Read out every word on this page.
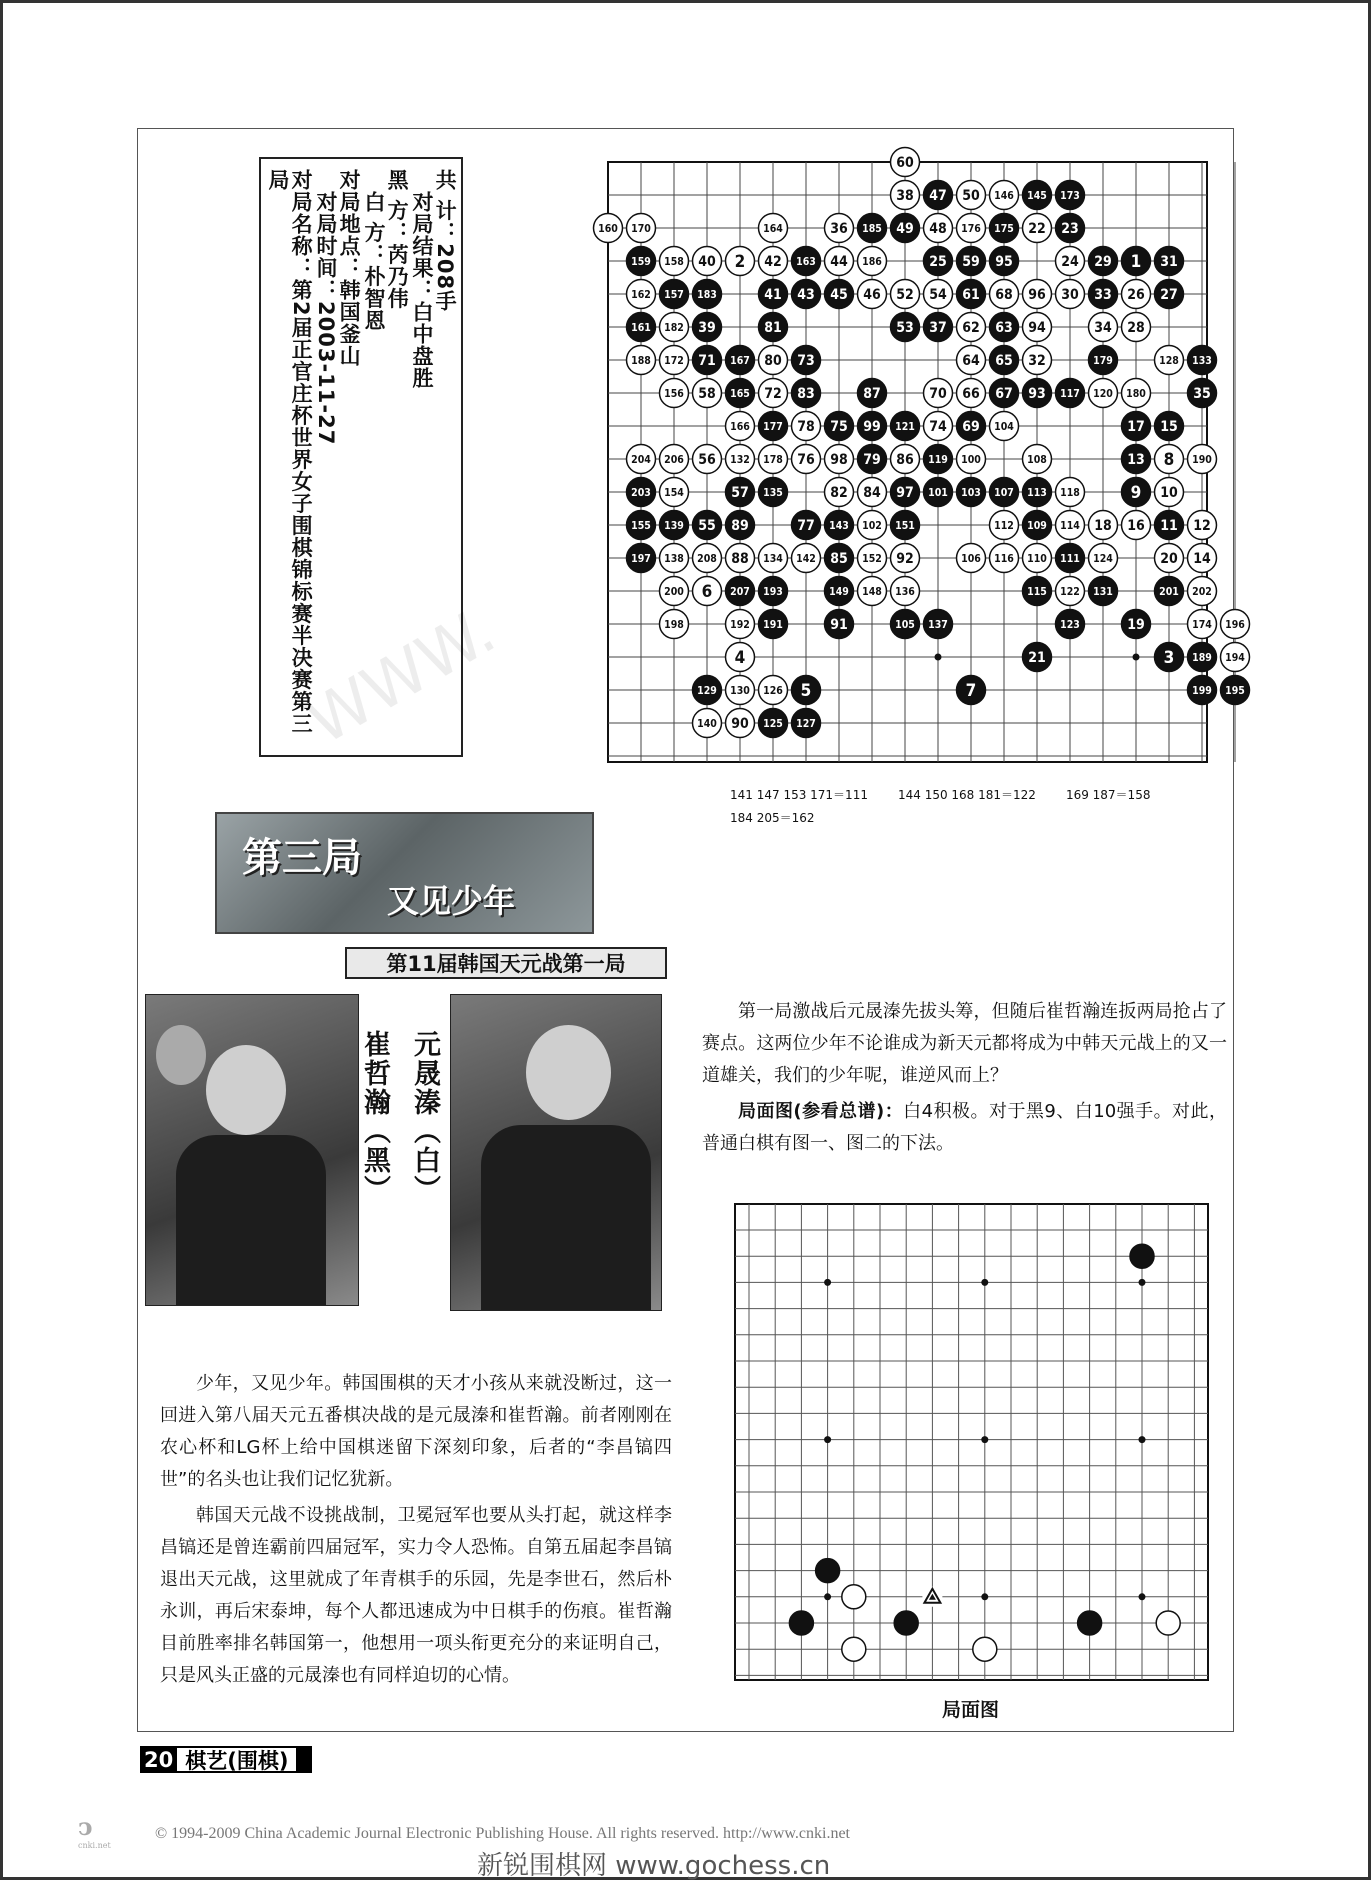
共 计：208手
对局结果：白中盘胜
黑 方：芮乃伟
白 方：朴智恩
对局地点：韩国釜山
对局时间：2003-11-27
对局名称：第2届正官庄杯世界女子围棋锦标赛半决赛第三局
60
38 47 50 146 145 173
164	36 185 49 48 176 175 22 23
159 158 40 2 42 163 44 186	25 59 95	24 29 1 31
162 157 183	41 43 45 46 52 54 61 68 96 30 33 26 27
161 182 39	81	53 37 62 63 94	34 28
188 172 71 167 80 73	64 65 32	179	128 133
156 58 165 72 83	87	70 66 67 93 117 120 180	35
166 177 78 75 99 121 74 69 104	17 15
204 206 56 132 178 76 98 79 86 119 100	108	13 8 190
203 154	57 135	82 84 97 101 103 107 113 118	9 10
155 139 55 89	77 143 102 151	112 109 114 18 16 11 12
197 138 208 88 134 142 85 152 92	106 116 110 111 124	20 14
200 6 207 193	149 148 136	115 122 131	201 202
198	192 191	91	105 137	123	19	174 196
4	21	3 189 194
129 130 126 5	7	199 195
140 90 125 127
160 170
WWW.
141 147 153 171＝111	144 150 168 181＝122	169 187＝158
184 205＝162
第三局
又见少年
第11届韩国天元战第一局
崔哲瀚（黑） 元晟溱（白）

少年，又见少年。韩国围棋的天才小孩从来就没断过，这一回进入第八届天元五番棋决战的是元晟溱和崔哲瀚。前者刚刚在农心杯和LG杯上给中国棋迷留下深刻印象，后者的“李昌镐四世”的名头也让我们记忆犹新。

韩国天元战不设挑战制，卫冕冠军也要从头打起，就这样李昌镐还是曾连霸前四届冠军，实力令人恐怖。自第五届起李昌镐退出天元战，这里就成了年青棋手的乐园，先是李世石，然后朴永训，再后宋泰坤，每个人都迅速成为中日棋手的伤痕。崔哲瀚目前胜率排名韩国第一，他想用一项头衔更充分的来证明自己，只是风头正盛的元晟溱也有同样迫切的心情。

第一局激战后元晟溱先拔头筹，但随后崔哲瀚连扳两局抢占了赛点。这两位少年不论谁成为新天元都将成为中韩天元战上的又一道雄关，我们的少年呢，谁逆风而上？

局面图(参看总谱)：白4积极。对于黑9、白10强手。对此，普通白棋有图一、图二的下法。

局面图
20 棋艺(围棋)
ↄ
cnki.net
© 1994-2009 China Academic Journal Electronic Publishing House. All rights reserved. http://www.cnki.net
新锐围棋网 www.gochess.cn
